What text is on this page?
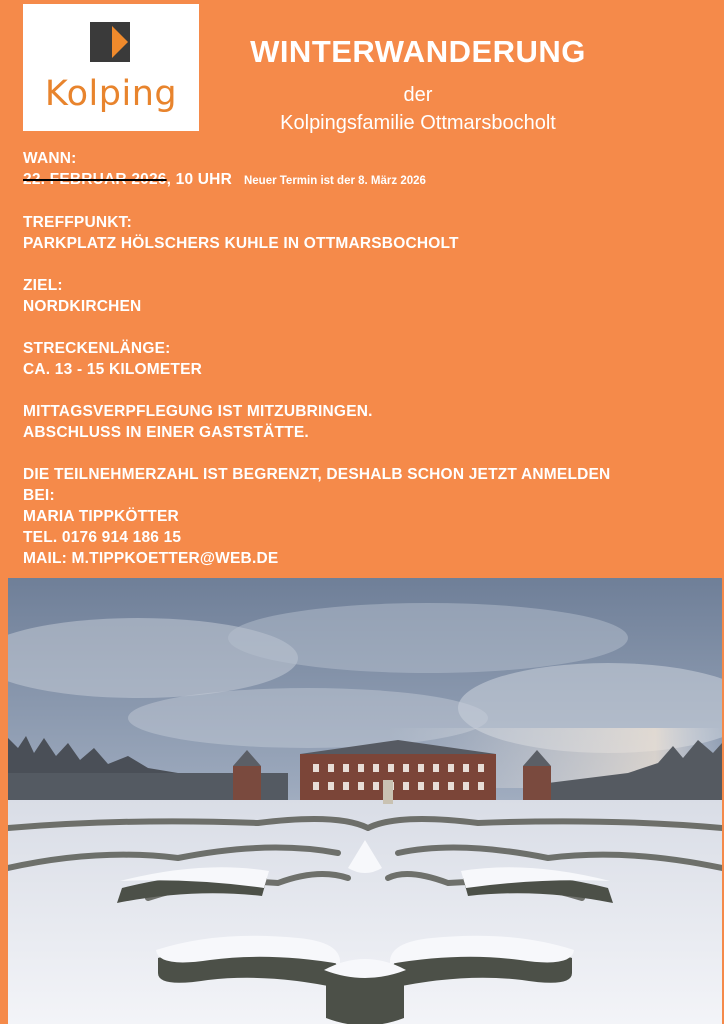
Kolping
WINTERWANDERUNG
der
Kolpingsfamilie Ottmarsbocholt
WANN:
22. FEBRUAR 2026, 10 UHR Neuer Termin ist der 8. März 2026
TREFFPUNKT:
PARKPLATZ HÖLSCHERS KUHLE IN OTTMARSBOCHOLT
ZIEL:
NORDKIRCHEN
STRECKENLÄNGE:
CA. 13 - 15 KILOMETER
MITTAGSVERPFLEGUNG IST MITZUBRINGEN.
ABSCHLUSS IN EINER GASTSTÄTTE.
DIE TEILNEHMERZAHL IST BEGRENZT, DESHALB SCHON JETZT ANMELDEN
BEI:
MARIA TIPPKÖTTER
TEL. 0176 914 186 15
MAIL: M.TIPPKOETTER@WEB.DE
